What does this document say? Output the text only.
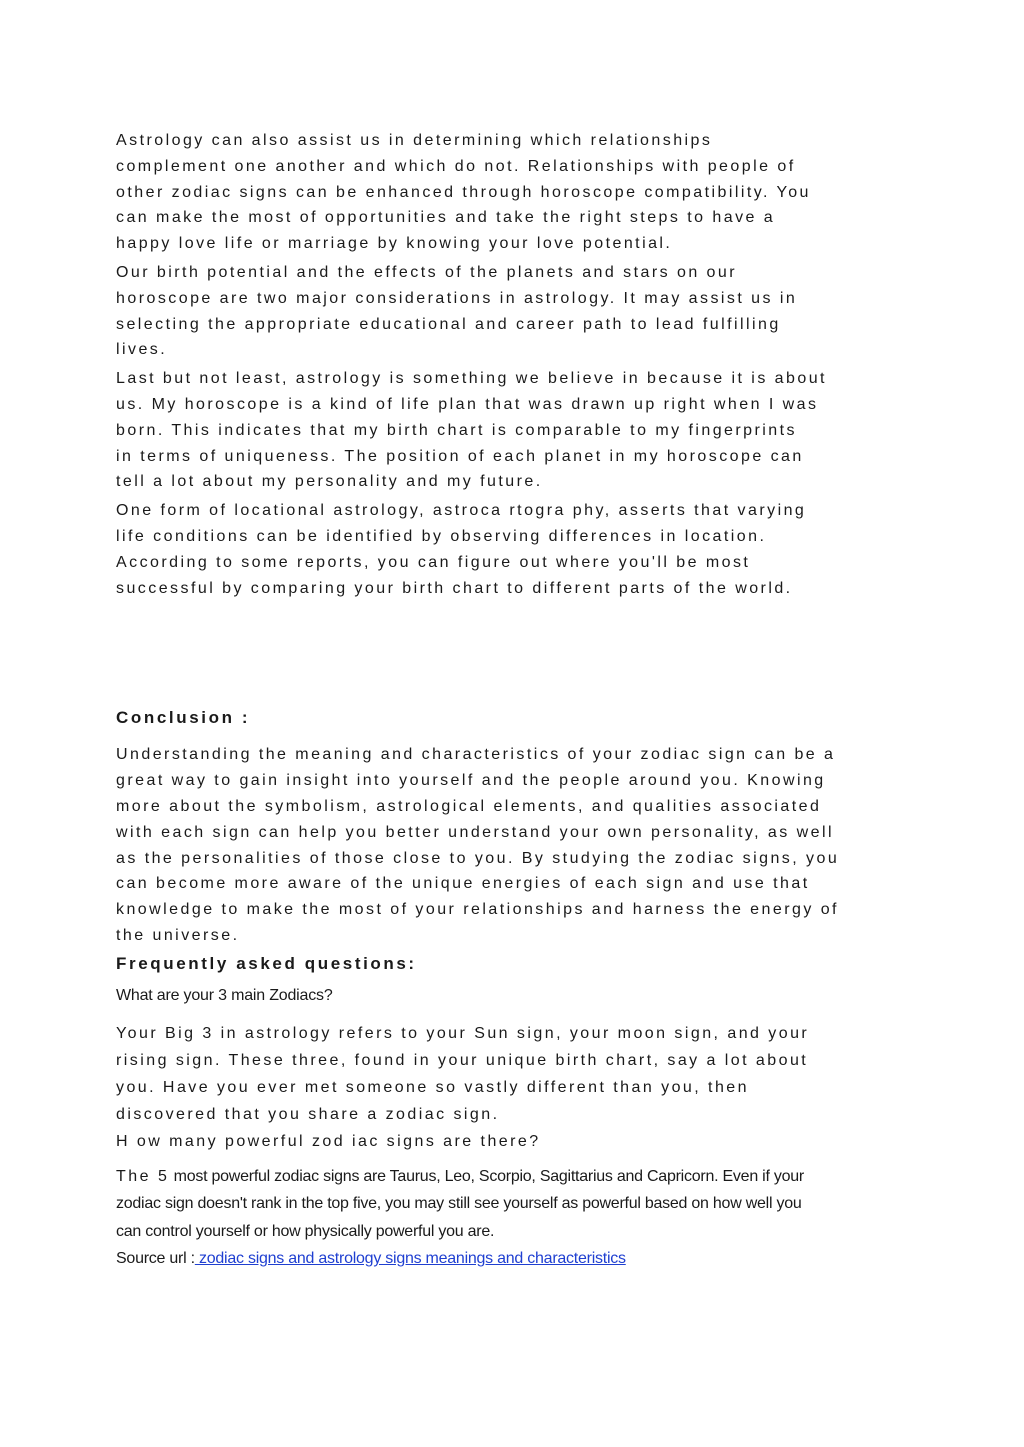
Astrology can also assist us in determining which relationships
complement one another and which do not. Relationships with people of
other zodiac signs can be enhanced through horoscope compatibility. You
can make the most of opportunities and take the right steps to have a
happy love life or marriage by knowing your love potential.

Our birth potential and the effects of the planets and stars on our
horoscope are two major considerations in astrology. It may assist us in
selecting the appropriate educational and career path to lead fulfilling
lives.

Last but not least, astrology is something we believe in because it is about
us. My horoscope is a kind of life plan that was drawn up right when I was
born. This indicates that my birth chart is comparable to my fingerprints
in terms of uniqueness. The position of each planet in my horoscope can
tell a lot about my personality and my future.

One form of locational astrology, astroca rtogra phy, asserts that varying
life conditions can be identified by observing differences in location.
According to some reports, you can figure out where you'll be most
successful by comparing your birth chart to different parts of the world.

Conclusion :

Understanding the meaning and characteristics of your zodiac sign can be a
great way to gain insight into yourself and the people around you. Knowing
more about the symbolism, astrological elements, and qualities associated
with each sign can help you better understand your own personality, as well
as the personalities of those close to you. By studying the zodiac signs, you
can become more aware of the unique energies of each sign and use that
knowledge to make the most of your relationships and harness the energy of
the universe.

Frequently asked questions:

What are your 3 main Zodiacs?

Your Big 3 in astrology refers to your Sun sign, your moon sign, and your
rising sign. These three, found in your unique birth chart, say a lot about
you. Have you ever met someone so vastly different than you, then
discovered that you share a zodiac sign.
H ow many powerful zod iac signs are there?

The 5 most powerful zodiac signs are Taurus, Leo, Scorpio, Sagittarius and Capricorn. Even if your
zodiac sign doesn't rank in the top five, you may still see yourself as powerful based on how well you
can control yourself or how physically powerful you are.

Source url : zodiac signs and astrology signs meanings and characteristics
